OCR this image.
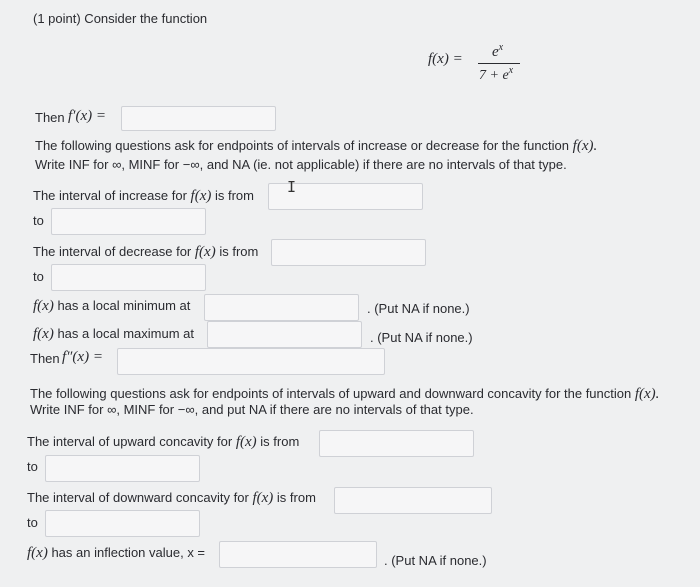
(1 point) Consider the function
$f(x) = e^x$
$7 + e^x$
Then f′(x) =
The following questions ask for endpoints of intervals of increase or decrease for the function f(x).
Write INF for ∞, MINF for −∞, and NA (ie. not applicable) if there are no intervals of that type.
The interval of increase for f(x) is from I
to
The interval of decrease for f(x) is from
to
f(x) has a local minimum at	. (Put NA if none.)
f(x) has a local maximum at	. (Put NA if none.)
Then f″(x) =
The following questions ask for endpoints of intervals of upward and downward concavity for the function f(x).
Write INF for ∞, MINF for −∞, and put NA if there are no intervals of that type.
The interval of upward concavity for f(x) is from
to
The interval of downward concavity for f(x) is from
to
f(x) has an inflection value, x =
. (Put NA if none.)
